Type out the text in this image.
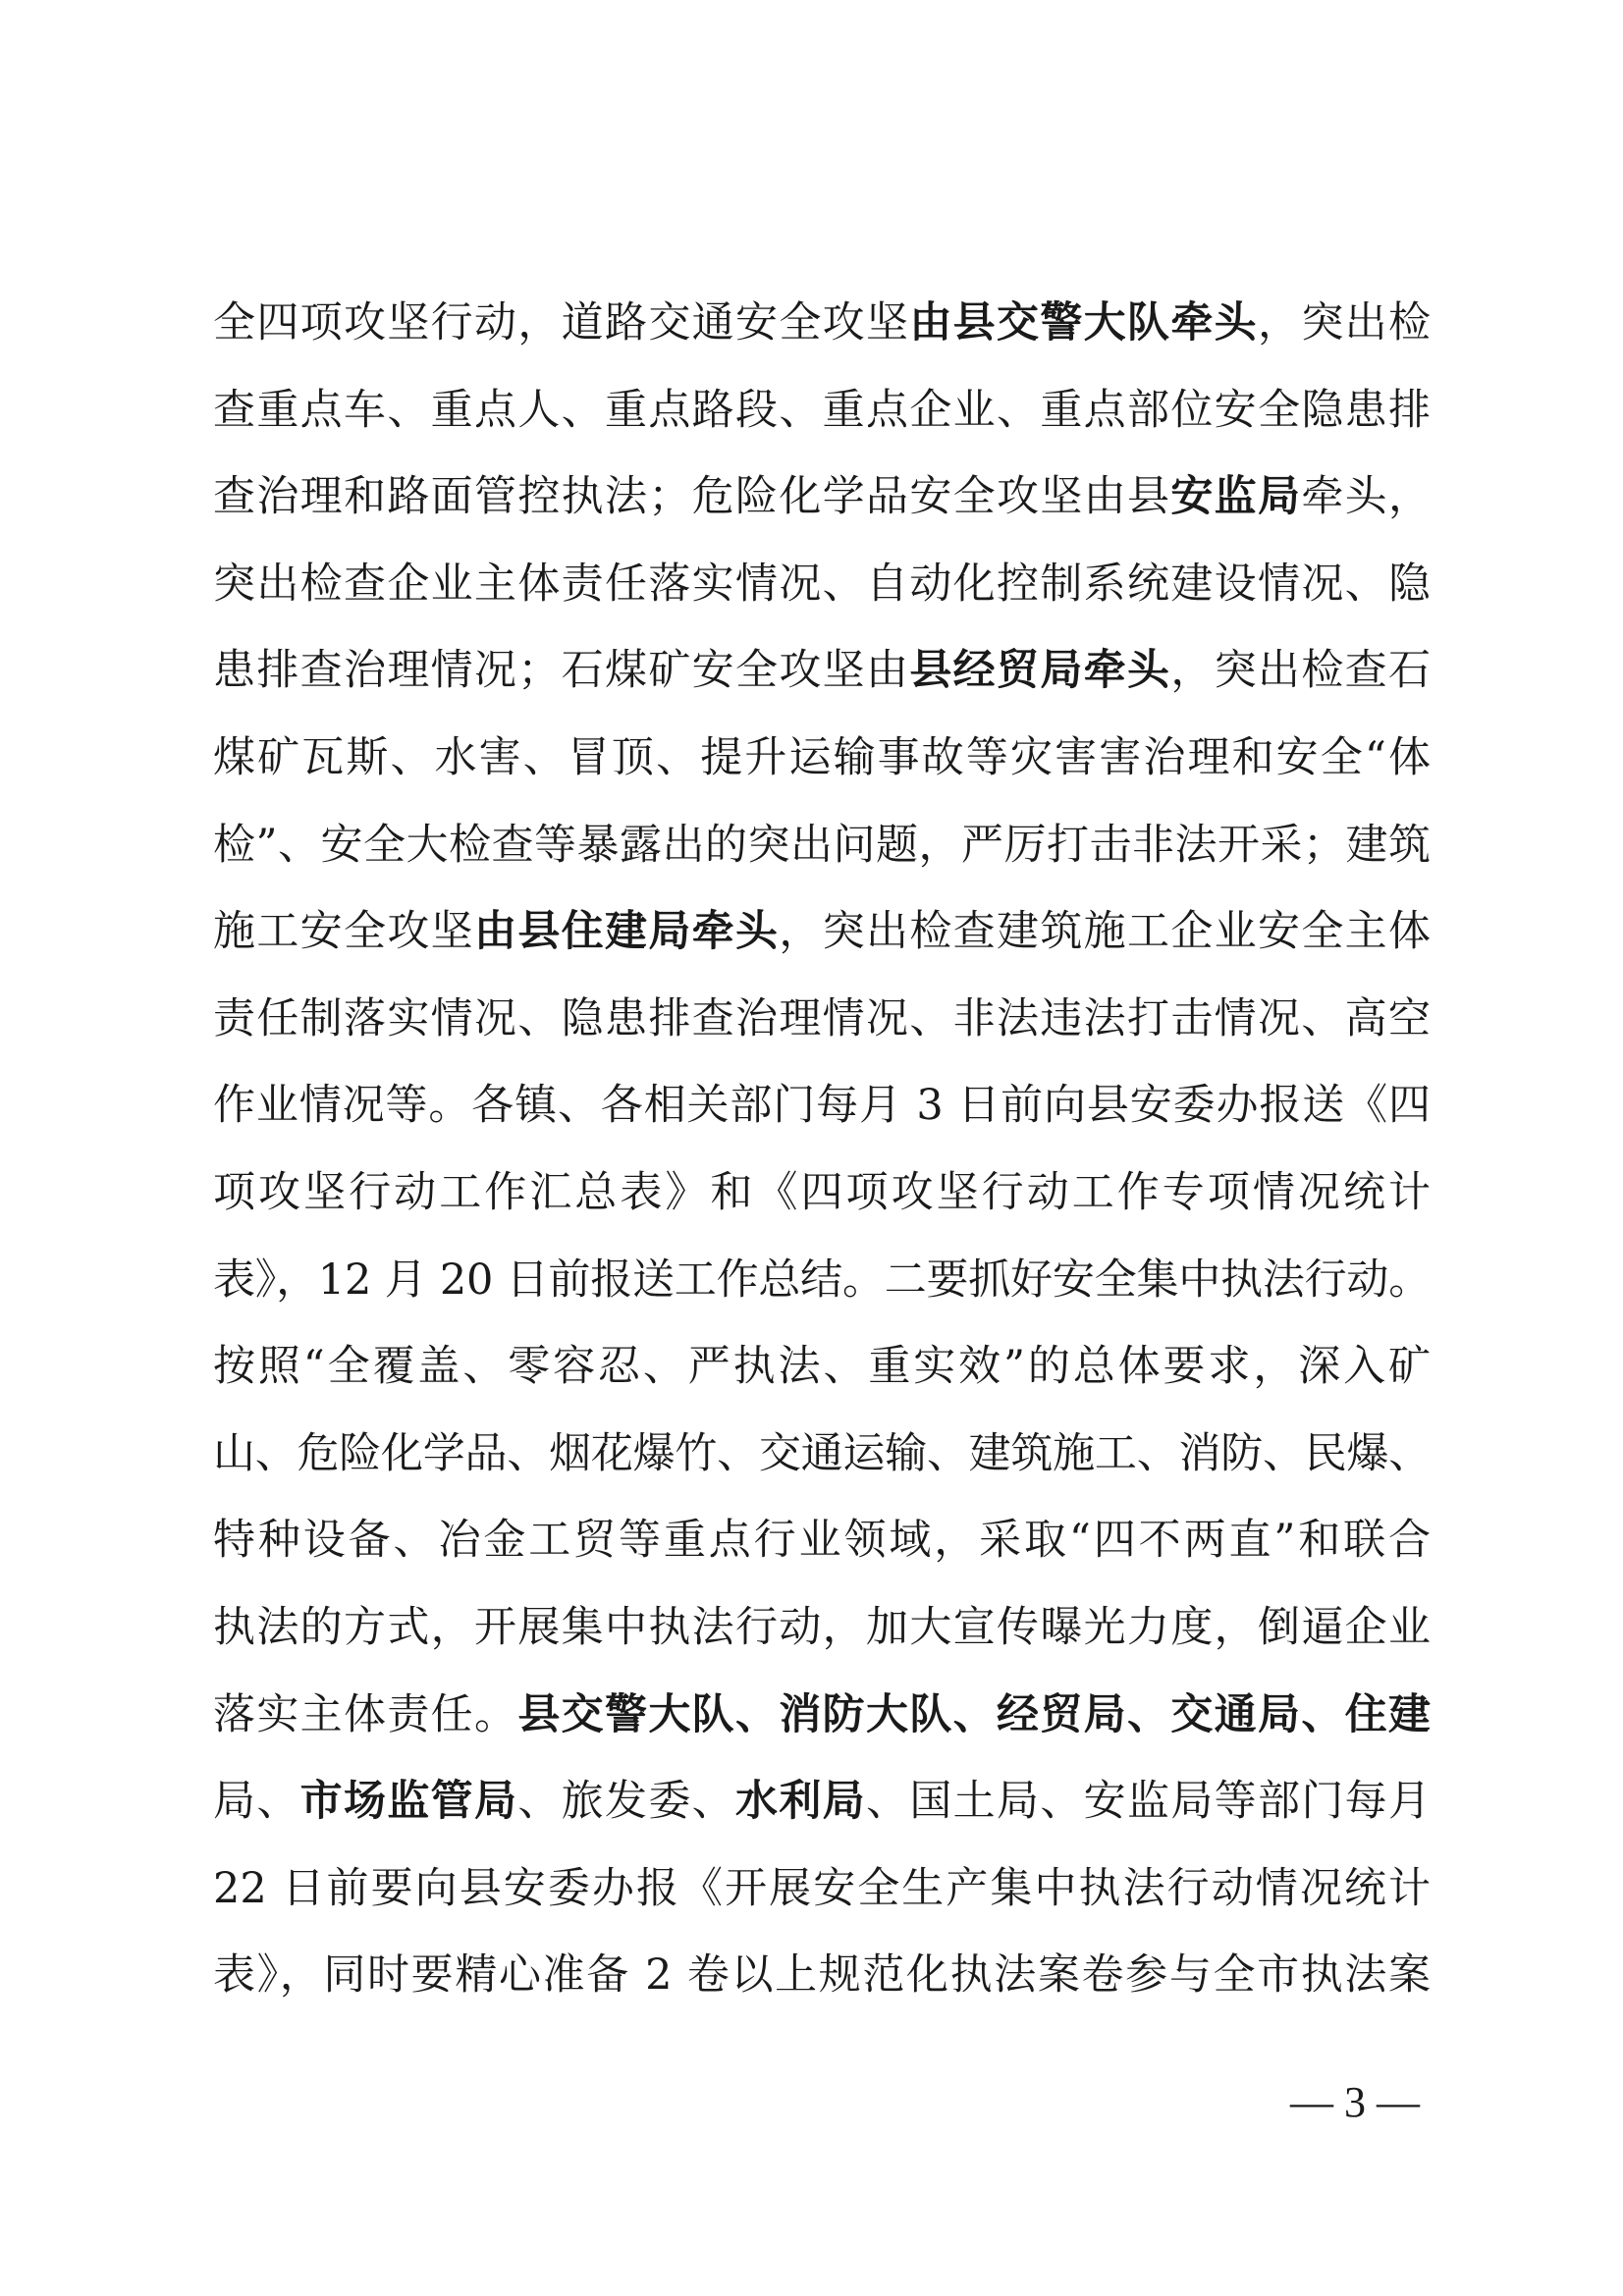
全四项攻坚行动，道路交通安全攻坚由县交警大队牵头，突出检
查重点车、重点人、重点路段、重点企业、重点部位安全隐患排
查治理和路面管控执法；危险化学品安全攻坚由县安监局牵头，
突出检查企业主体责任落实情况、自动化控制系统建设情况、隐
患排查治理情况；石煤矿安全攻坚由县经贸局牵头，突出检查石
煤矿瓦斯、水害、冒顶、提升运输事故等灾害害治理和安全“体
检”、安全大检查等暴露出的突出问题，严厉打击非法开采；建筑
施工安全攻坚由县住建局牵头，突出检查建筑施工企业安全主体
责任制落实情况、隐患排查治理情况、非法违法打击情况、高空
作业情况等。各镇、各相关部门每月 3 日前向县安委办报送《四
项攻坚行动工作汇总表》和《四项攻坚行动工作专项情况统计
表》，12 月 20 日前报送工作总结。二要抓好安全集中执法行动。
按照“全覆盖、零容忍、严执法、重实效”的总体要求，深入矿
山、危险化学品、烟花爆竹、交通运输、建筑施工、消防、民爆、
特种设备、冶金工贸等重点行业领域，采取“四不两直”和联合
执法的方式，开展集中执法行动，加大宣传曝光力度，倒逼企业
落实主体责任。县交警大队、消防大队、经贸局、交通局、住建
局、市场监管局、旅发委、水利局、国土局、安监局等部门每月
22 日前要向县安委办报《开展安全生产集中执法行动情况统计
表》，同时要精心准备 2 卷以上规范化执法案卷参与全市执法案
— 3 —
